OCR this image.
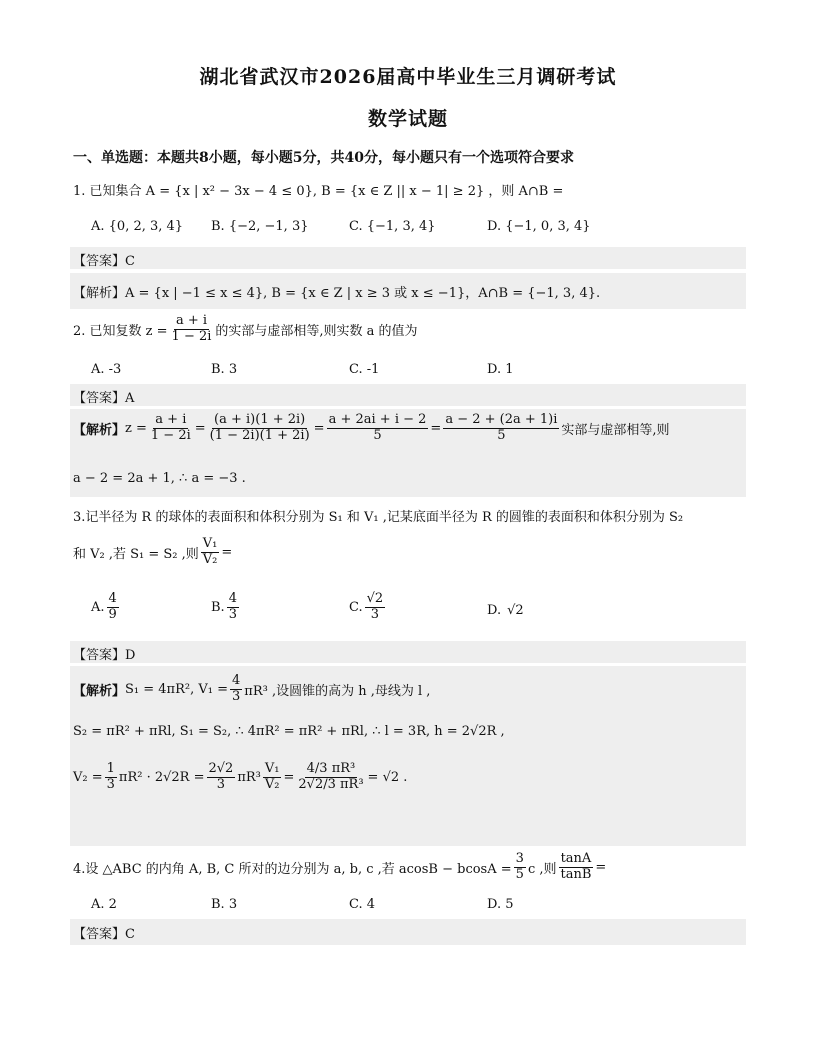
湖北省武汉市2026届高中毕业生三月调研考试
数学试题
一、单选题：本题共8小题，每小题5分，共40分，每小题只有一个选项符合要求
1. 已知集合 A = {x | x² − 3x − 4 ≤ 0}, B = {x ∈ Z || x − 1| ≥ 2} ，则 A∩B =
A. {0, 2, 3, 4} B. {−2, −1, 3}	C. {−1, 3, 4}	D. {−1, 0, 3, 4}
【答案】C
【解析】A = {x | −1 ≤ x ≤ 4}, B = {x ∈ Z | x ≥ 3 或 x ≤ −1}，A∩B = {−1, 3, 4}.
2. 已知复数 $z = \frac{a + i}{1 - 2i}$ 的实部与虚部相等,则实数 a 的值为
A. -3	B. 3	C. -1	D. 1
【答案】A
【解析】 $z = \frac{a + i}{1 - 2i} = \frac{(a + i)(1 + 2i)}{(1 - 2i)(1 + 2i)} = \frac{a + 2ai + i - 2}{5} = \frac{a - 2 + (2a + 1)i}{5}$ 实部与虚部相等,则
a − 2 = 2a + 1, ∴ a = −3 .
3.记半径为 R 的球体的表面积和体积分别为 S₁ 和 V₁ ,记某底面半径为 R 的圆锥的表面积和体积分别为 S₂
和 V₂ ,若 S₁ = S₂ ,则 $\frac{\text{V₁}}{\text{V₂}}$ =
A. $\frac{4}{9}$	B. $\frac{4}{3}$	C. $\frac{√2}{3}$	D. √2
【答案】D
【解析】 S₁ = 4πR², $V_1 = \frac{4}{3} \pi R^3$ ,设圆锥的高为 h ,母线为 l ,
S₂ = πR² + πRl, S₁ = S₂, ∴ 4πR² = πR² + πRl, ∴ l = 3R, h = 2√2R ,
$V_2 = \frac{1}{3} \pi R^2 \cdot 2√2R = \frac{2√2}{3} \pi R^3 \frac{\text{V₁}}{\text{V₂}} = \frac{\text{4/3 πR³}}{\text{2√2/3 πR³}} = √2$ .
4.设 △ABC 的内角 A, B, C 所对的边分别为 a, b, c ,若 $acosB - bcosA = \frac{3}{5}$ c ,则 $\frac{\tan A}{\tan B}$ =
A. 2	B. 3	C. 4	D. 5
【答案】C
